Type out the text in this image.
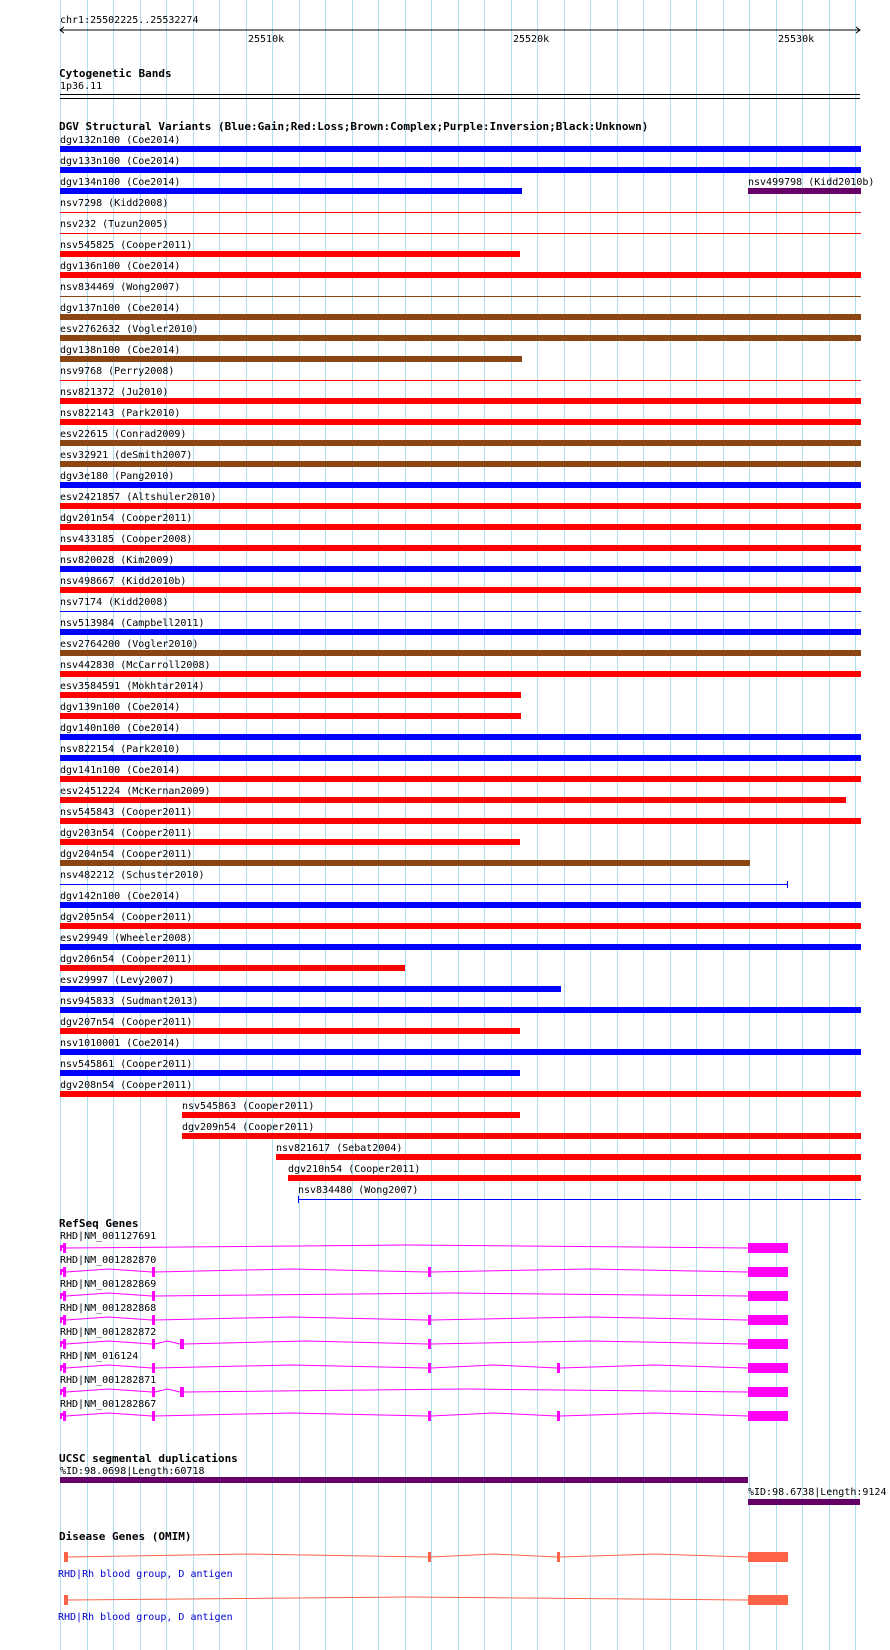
chr1:25502225..25532274
25510k	25520k	25530k
Cytogenetic Bands
1p36.11
DGV Structural Variants (Blue:Gain;Red:Loss;Brown:Complex;Purple:Inversion;Black:Unknown)
dgv132n100 (Coe2014)
dgv133n100 (Coe2014)
dgv134n100 (Coe2014)	nsv499798 (Kidd2010b)
nsv7298 (Kidd2008)
nsv232 (Tuzun2005)
nsv545825 (Cooper2011)
dgv136n100 (Coe2014)
nsv834469 (Wong2007)
dgv137n100 (Coe2014)
esv2762632 (Vogler2010)
dgv138n100 (Coe2014)
nsv9768 (Perry2008)
nsv821372 (Ju2010)
nsv822143 (Park2010)
esv22615 (Conrad2009)
esv32921 (deSmith2007)
dgv3e180 (Pang2010)
esv2421857 (Altshuler2010)
dgv201n54 (Cooper2011)
nsv433185 (Cooper2008)
nsv820028 (Kim2009)
nsv498667 (Kidd2010b)
nsv7174 (Kidd2008)
nsv513984 (Campbell2011)
esv2764200 (Vogler2010)
nsv442830 (McCarroll2008)
esv3584591 (Mokhtar2014)
dgv139n100 (Coe2014)
dgv140n100 (Coe2014)
nsv822154 (Park2010)
dgv141n100 (Coe2014)
esv2451224 (McKernan2009)
nsv545843 (Cooper2011)
dgv203n54 (Cooper2011)
dgv204n54 (Cooper2011)
nsv482212 (Schuster2010)
dgv142n100 (Coe2014)
dgv205n54 (Cooper2011)
esv29949 (Wheeler2008)
dgv206n54 (Cooper2011)
esv29997 (Levy2007)
nsv945833 (Sudmant2013)
dgv207n54 (Cooper2011)
nsv1010001 (Coe2014)
nsv545861 (Cooper2011)
dgv208n54 (Cooper2011)
nsv545863 (Cooper2011)
dgv209n54 (Cooper2011)
nsv821617 (Sebat2004)
dgv210n54 (Cooper2011)
nsv834480 (Wong2007)
RefSeq Genes
RHD|NM_001127691
RHD|NM_001282870
RHD|NM_001282869
RHD|NM_001282868
RHD|NM_001282872
RHD|NM_016124
RHD|NM_001282871
RHD|NM_001282867
UCSC segmental duplications
%ID:98.0698|Length:60718
%ID:98.6738|Length:9124
Disease Genes (OMIM)
RHD|Rh blood group, D antigen
RHD|Rh blood group, D antigen
